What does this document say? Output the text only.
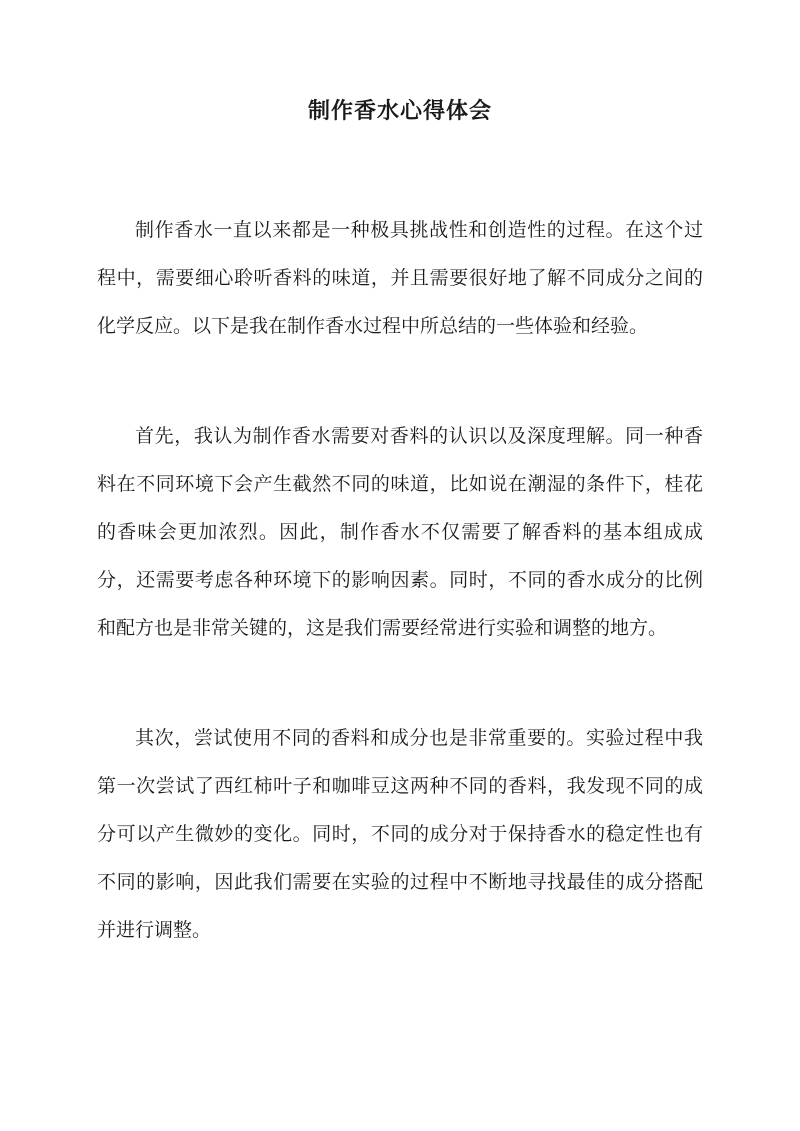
制作香水心得体会

制作香水一直以来都是一种极具挑战性和创造性的过程。在这个过程中，需要细心聆听香料的味道，并且需要很好地了解不同成分之间的化学反应。以下是我在制作香水过程中所总结的一些体验和经验。

首先，我认为制作香水需要对香料的认识以及深度理解。同一种香料在不同环境下会产生截然不同的味道，比如说在潮湿的条件下，桂花的香味会更加浓烈。因此，制作香水不仅需要了解香料的基本组成成分，还需要考虑各种环境下的影响因素。同时，不同的香水成分的比例和配方也是非常关键的，这是我们需要经常进行实验和调整的地方。

其次，尝试使用不同的香料和成分也是非常重要的。实验过程中我第一次尝试了西红柿叶子和咖啡豆这两种不同的香料，我发现不同的成分可以产生微妙的变化。同时，不同的成分对于保持香水的稳定性也有不同的影响，因此我们需要在实验的过程中不断地寻找最佳的成分搭配并进行调整。
